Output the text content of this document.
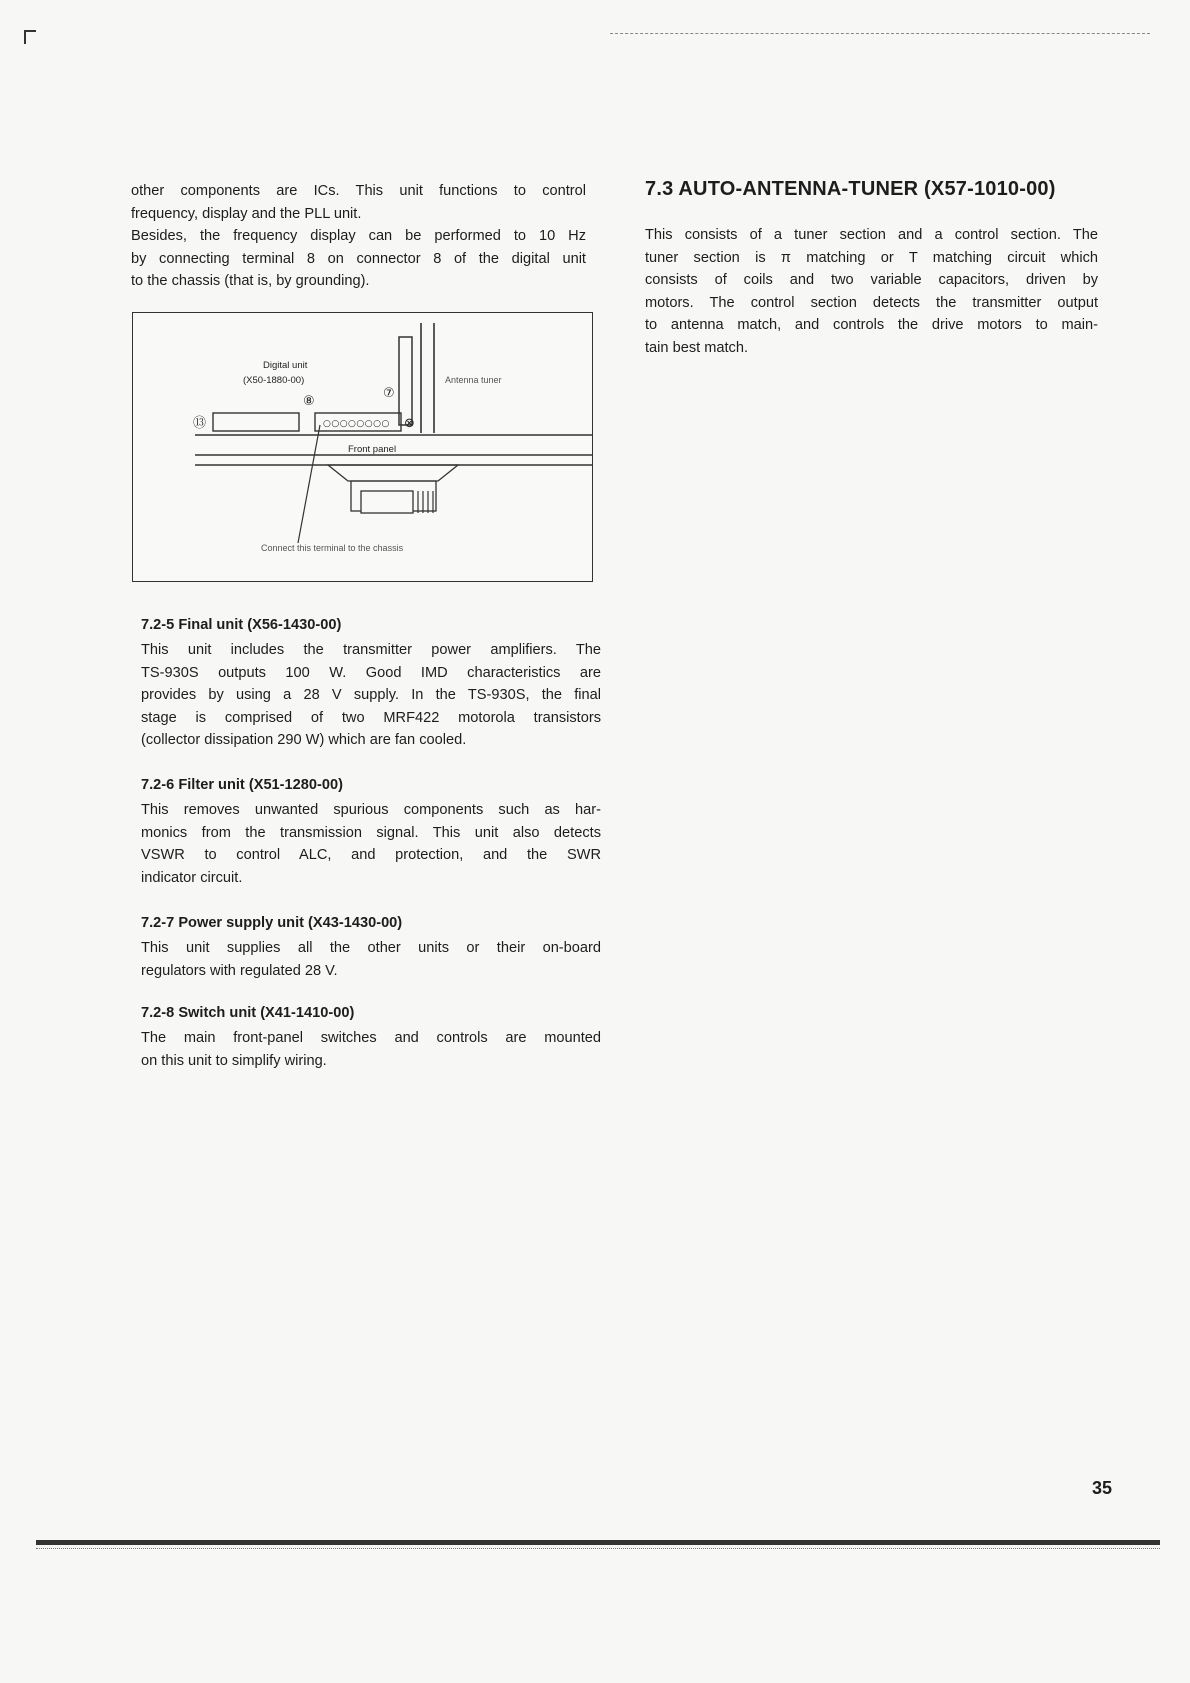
other components are ICs. This unit functions to control
frequency, display and the PLL unit.
Besides, the frequency display can be performed to 10 Hz
by connecting terminal 8 on connector 8 of the digital unit
to the chassis (that is, by grounding).
Digital unit
(X50-1880-00)	Antenna tuner
Front panel
Connect this terminal to the chassis
⑧
⑦
⑬	⊗
○○○○○○○○
7.2-5 Final unit (X56-1430-00)
This unit includes the transmitter power amplifiers. The
TS-930S outputs 100 W. Good IMD characteristics are
provides by using a 28 V supply. In the TS-930S, the final
stage is comprised of two MRF422 motorola transistors
(collector dissipation 290 W) which are fan cooled.
7.2-6 Filter unit (X51-1280-00)
This removes unwanted spurious components such as har-
monics from the transmission signal. This unit also detects
VSWR to control ALC, and protection, and the SWR
indicator circuit.
7.2-7 Power supply unit (X43-1430-00)
This unit supplies all the other units or their on-board
regulators with regulated 28 V.
7.2-8 Switch unit (X41-1410-00)
The main front-panel switches and controls are mounted
on this unit to simplify wiring.
7.3 AUTO-ANTENNA-TUNER (X57-1010-00)
This consists of a tuner section and a control section. The
tuner section is π matching or T matching circuit which
consists of coils and two variable capacitors, driven by
motors. The control section detects the transmitter output
to antenna match, and controls the drive motors to main-
tain best match.
35
